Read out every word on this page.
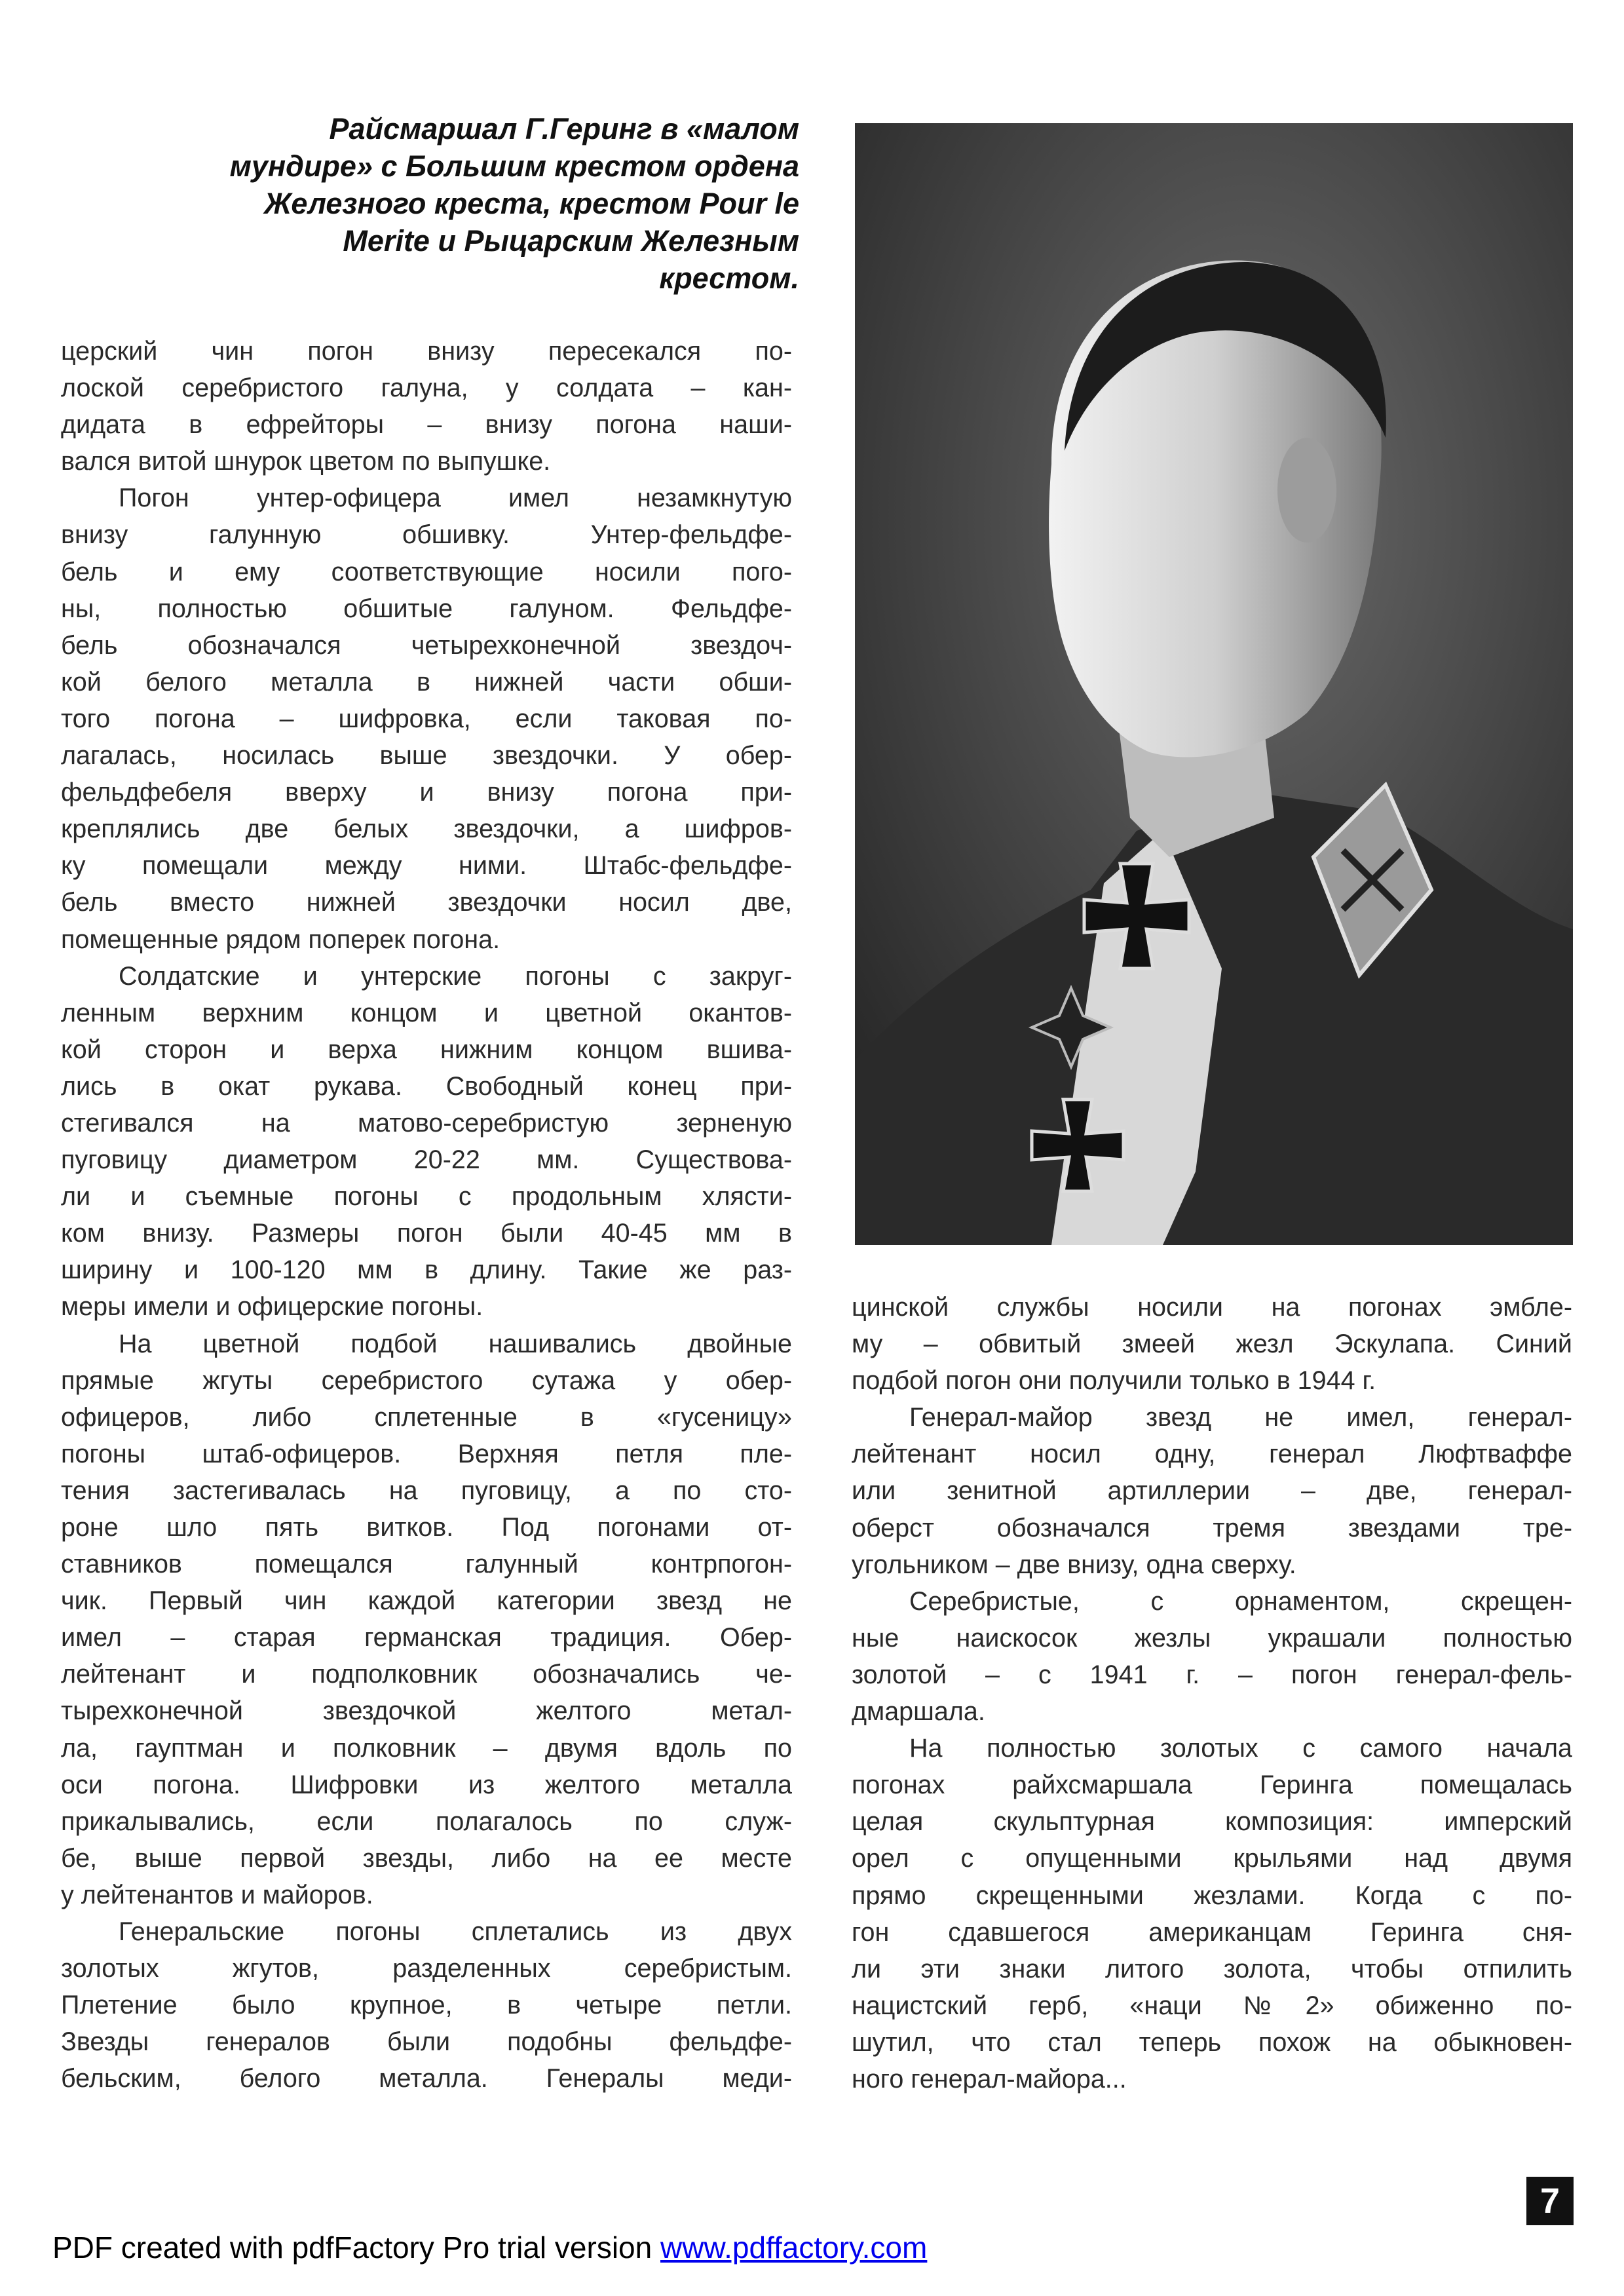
Райсмаршал Г.Геринг в «малом
мундире» с Большим крестом ордена
Железного креста, крестом Pour le
Merite и Рыцарским Железным
крестом.
церский чин погон внизу пересекался по-
лоской серебристого галуна, у солдата – кан-
дидата в ефрейторы – внизу погона наши-
вался витой шнурок цветом по выпушке.
Погон унтер-офицера имел незамкнутую
внизу галунную обшивку. Унтер-фельдфе-
бель и ему соответствующие носили пого-
ны, полностью обшитые галуном. Фельдфе-
бель обозначался четырехконечной звездоч-
кой белого металла в нижней части обши-
того погона – шифровка, если таковая по-
лагалась, носилась выше звездочки. У обер-
фельдфебеля вверху и внизу погона при-
креплялись две белых звездочки, а шифров-
ку помещали между ними. Штабс-фельдфе-
бель вместо нижней звездочки носил две,
помещенные рядом поперек погона.
Солдатские и унтерские погоны с закруг-
ленным верхним концом и цветной окантов-
кой сторон и верха нижним концом вшива-
лись в окат рукава. Свободный конец при-
стегивался на матово-серебристую зерненую
пуговицу диаметром 20-22 мм. Существова-
ли и съемные погоны с продольным хлясти-
ком внизу. Размеры погон были 40-45 мм в
ширину и 100-120 мм в длину. Такие же раз-
меры имели и офицерские погоны.
На цветной подбой нашивались двойные
прямые жгуты серебристого сутажа у обер-
офицеров, либо сплетенные в «гусеницу»
погоны штаб-офицеров. Верхняя петля пле-
тения застегивалась на пуговицу, а по сто-
роне шло пять витков. Под погонами от-
ставников помещался галунный контрпогон-
чик. Первый чин каждой категории звезд не
имел – старая германская традиция. Обер-
лейтенант и подполковник обозначались че-
тырехконечной звездочкой желтого метал-
ла, гауптман и полковник – двумя вдоль по
оси погона. Шифровки из желтого металла
прикалывались, если полагалось по служ-
бе, выше первой звезды, либо на ее месте
у лейтенантов и майоров.
Генеральские погоны сплетались из двух
золотых жгутов, разделенных серебристым.
Плетение было крупное, в четыре петли.
Звезды генералов были подобны фельдфе-
бельским, белого металла. Генералы меди-
цинской службы носили на погонах эмбле-
му – обвитый змеей жезл Эскулапа. Синий
подбой погон они получили только в 1944 г.
Генерал-майор звезд не имел, генерал-
лейтенант носил одну, генерал Люфтваффе
или зенитной артиллерии – две, генерал-
оберст обозначался тремя звездами тре-
угольником – две внизу, одна сверху.
Серебристые, с орнаментом, скрещен-
ные наискосок жезлы украшали полностью
золотой – с 1941 г. – погон генерал-фель-
дмаршала.
На полностью золотых с самого начала
погонах райхсмаршала Геринга помещалась
целая скульптурная композиция: имперский
орел с опущенными крыльями над двумя
прямо скрещенными жезлами. Когда с по-
гон сдавшегося американцам Геринга сня-
ли эти знаки литого золота, чтобы отпилить
нацистский герб, «наци №2» обиженно по-
шутил, что стал теперь похож на обыкновен-
ного генерал-майора...
7
PDF created with pdfFactory Pro trial version www.pdffactory.com
